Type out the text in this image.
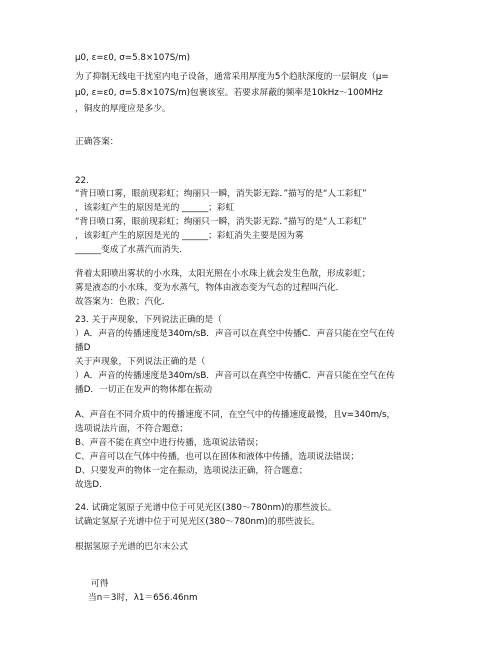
μ0, ε=ε0, σ=5.8×107S/m)
为了抑制无线电干扰室内电子设备，通常采用厚度为5个趋肤深度的一层铜皮（μ=
μ0, ε=ε0, σ=5.8×107S/m)包裹该室。若要求屏蔽的频率是10kHz～100MHz
，铜皮的厚度应是多少。
正确答案：
22.
“背日喷口雾，眼前现彩虹；绚丽只一瞬，消失影无踪．”描写的是“人工彩虹”
，该彩虹产生的原因是光的 ______；彩虹
“背日喷口雾，眼前现彩虹；绚丽只一瞬，消失影无踪．”描写的是“人工彩虹”
，该彩虹产生的原因是光的 ______；彩虹消失主要是因为雾
______变成了水蒸汽而消失．
背着太阳喷出雾状的小水珠，太阳光照在小水珠上就会发生色散，形成彩虹；
雾是液态的小水珠，变为水蒸气，物体由液态变为气态的过程叫汽化．
故答案为：色散；汽化．
23. 关于声现象，下列说法正确的是（
）A．声音的传播速度是340m/sB．声音可以在真空中传播C．声音只能在空气在传
播D
关于声现象，下列说法正确的是（
）A．声音的传播速度是340m/sB．声音可以在真空中传播C．声音只能在空气在传
播D．一切正在发声的物体都在振动
A、声音在不同介质中的传播速度不同，在空气中的传播速度最慢，且v=340m/s，
选项说法片面，不符合题意；
B、声音不能在真空中进行传播，选项说法错误；
C、声音可以在气体中传播，也可以在固体和液体中传播，选项说法错误；
D、只要发声的物体一定在振动，选项说法正确，符合题意；
故选D．
24. 试确定氢原子光谱中位于可见光区(380～780nm)的那些波长。
试确定氢原子光谱中位于可见光区(380～780nm)的那些波长。
根据氢原子光谱的巴尔末公式
可得
当n＝3时，λ1＝656.46nm
